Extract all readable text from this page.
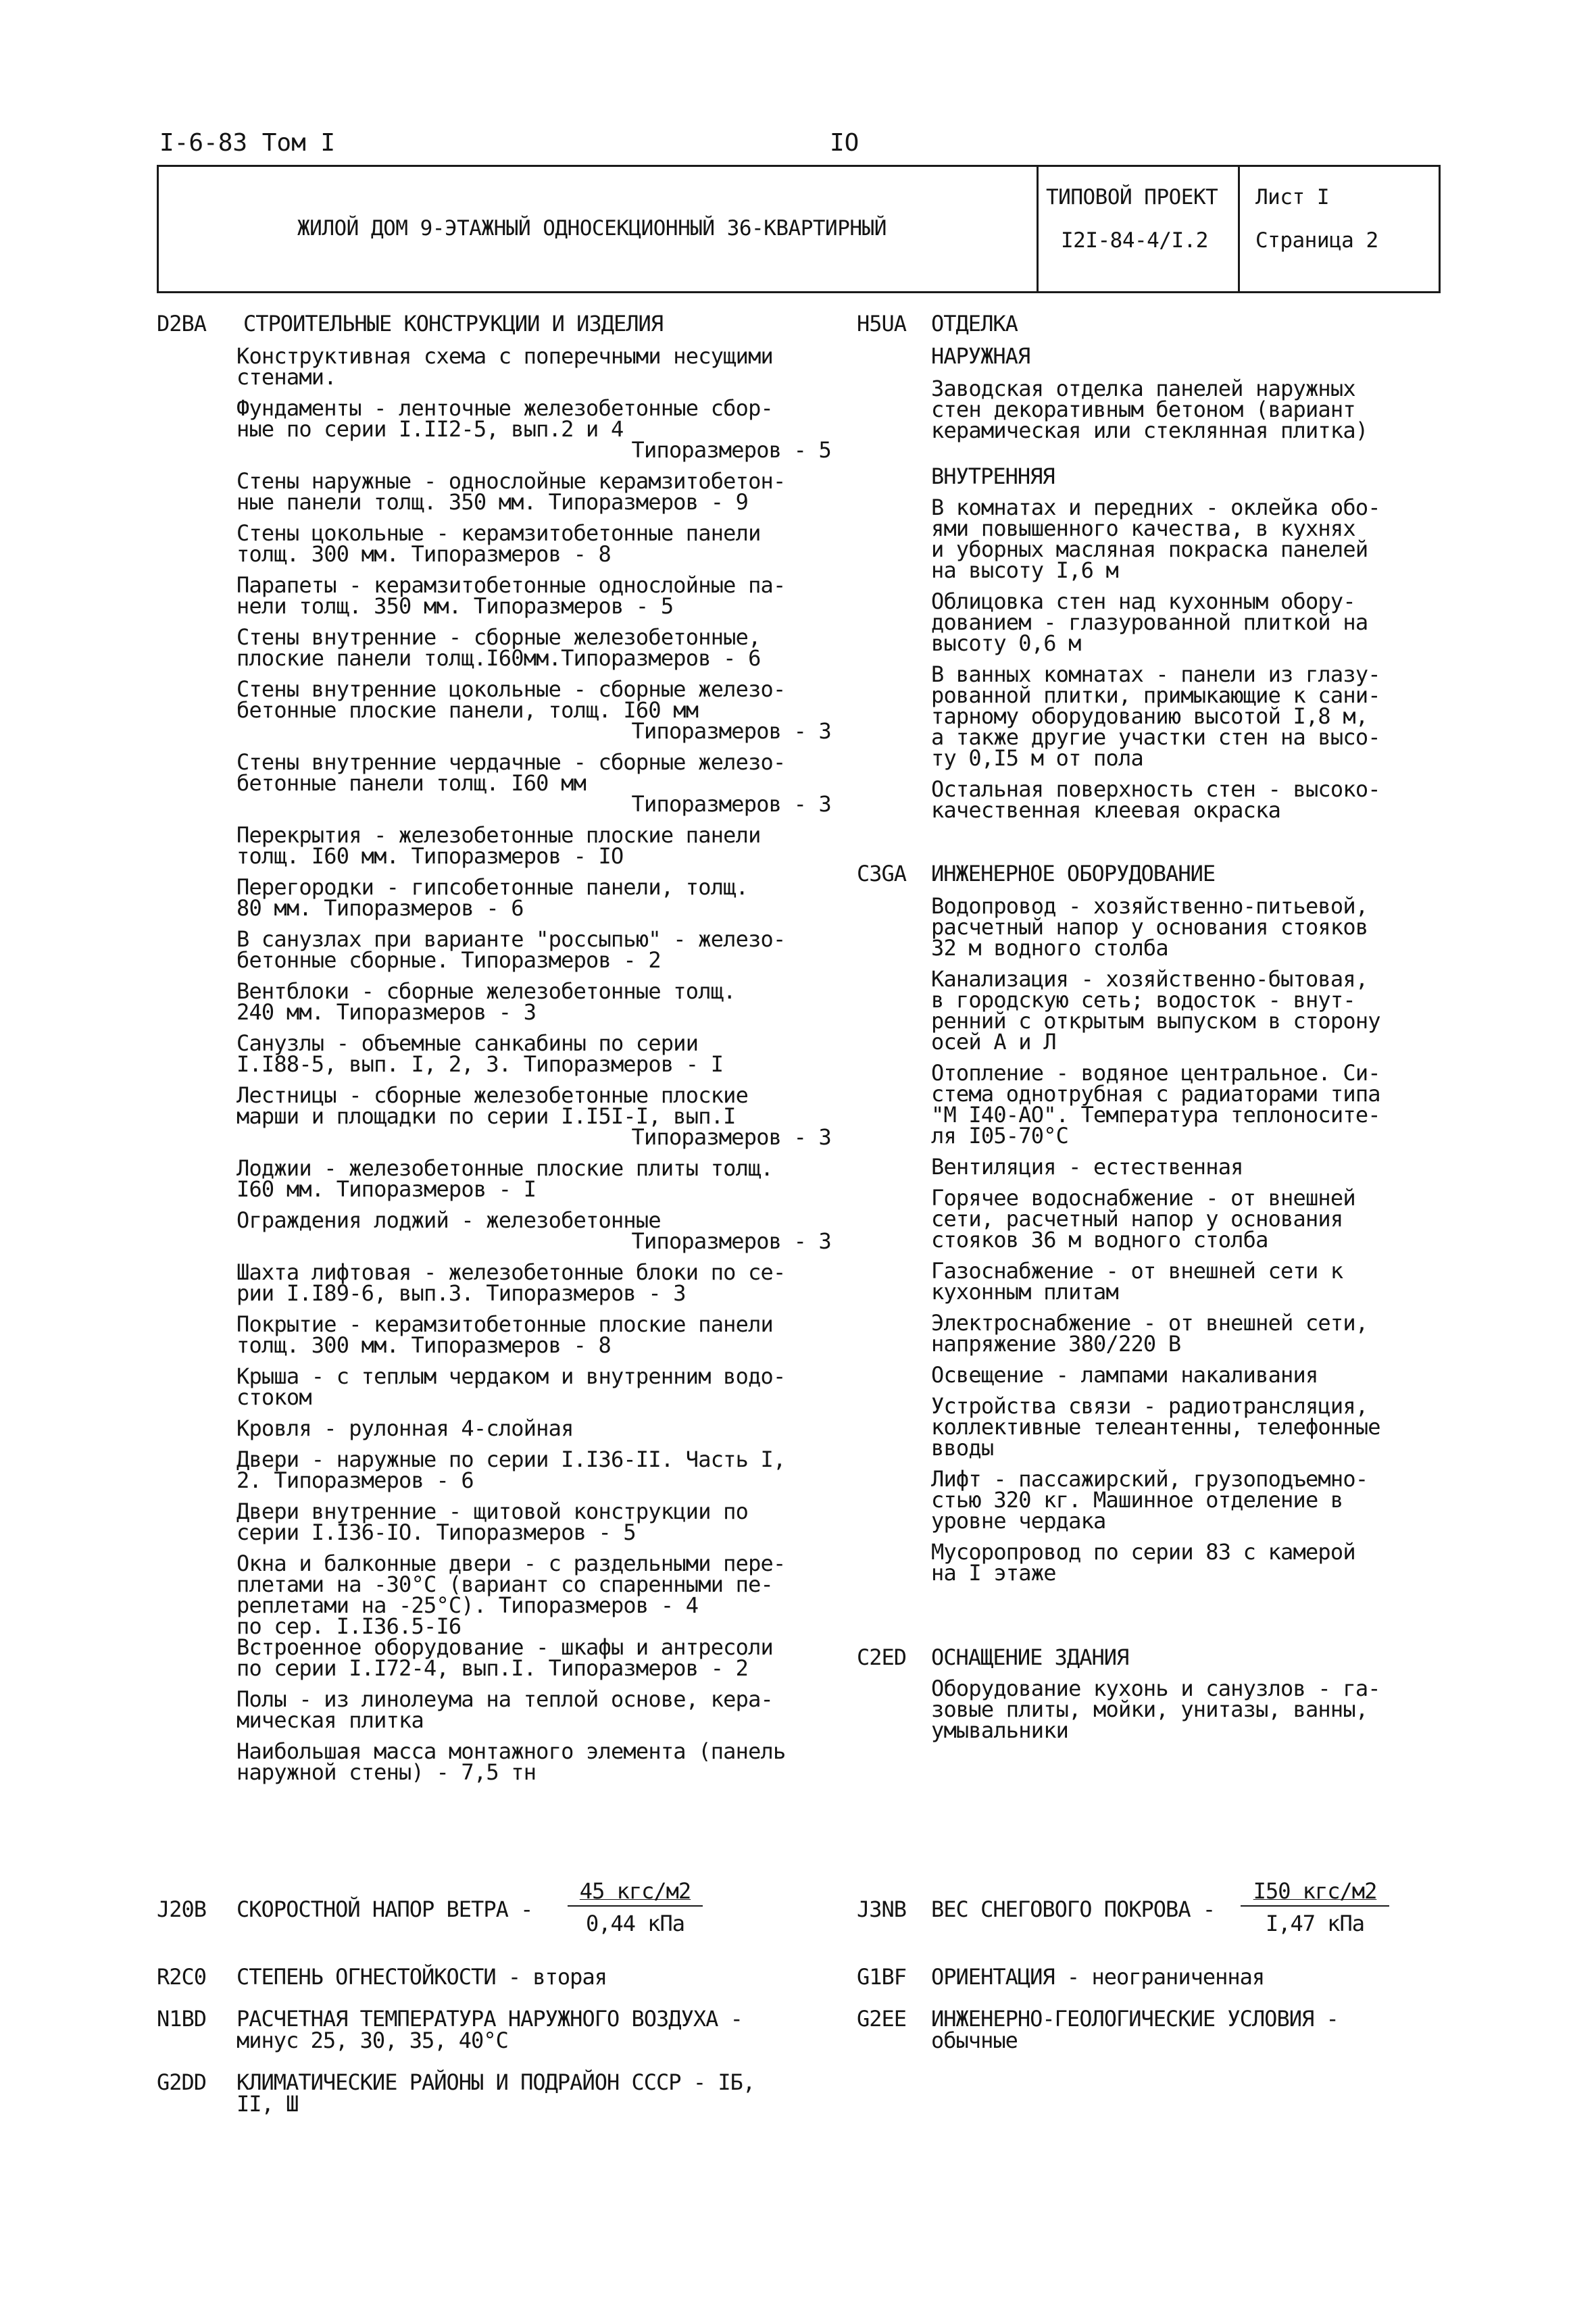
I-6-83 Том I	IO
ЖИЛОЙ ДОМ 9-ЭТАЖНЫЙ ОДНОСЕКЦИОННЫЙ 36-КВАРТИРНЫЙ
ТИПОВОЙ ПРОЕКТ
I2I-84-4/I.2
Лист I
Страница 2
D2BA СТРОИТЕЛЬНЫЕ КОНСТРУКЦИИ И ИЗДЕЛИЯ
Конструктивная схема с поперечными несущими
стенами.
Фундаменты - ленточные железобетонные сбор-
ные по серии I.II2-5, вып.2 и 4
Типоразмеров - 5
Стены наружные - однослойные керамзитобетон-
ные панели толщ. 350 мм. Типоразмеров - 9
Стены цокольные - керамзитобетонные панели
толщ. 300 мм. Типоразмеров - 8
Парапеты - керамзитобетонные однослойные па-
нели толщ. 350 мм. Типоразмеров - 5
Стены внутренние - сборные железобетонные,
плоские панели толщ.I60мм.Типоразмеров - 6
Стены внутренние цокольные - сборные железо-
бетонные плоские панели, толщ. I60 мм
Типоразмеров - 3
Стены внутренние чердачные - сборные железо-
бетонные панели толщ. I60 мм
Типоразмеров - 3
Перекрытия - железобетонные плоские панели
толщ. I60 мм. Типоразмеров - IO
Перегородки - гипсобетонные панели, толщ.
80 мм. Типоразмеров - 6
В санузлах при варианте "россыпью" - железо-
бетонные сборные. Типоразмеров - 2
Вентблоки - сборные железобетонные толщ.
240 мм. Типоразмеров - 3
Санузлы - объемные санкабины по серии
I.I88-5, вып. I, 2, 3. Типоразмеров - I
Лестницы - сборные железобетонные плоские
марши и площадки по серии I.I5I-I, вып.I
Типоразмеров - 3
Лоджии - железобетонные плоские плиты толщ.
I60 мм. Типоразмеров - I
Ограждения лоджий - железобетонные
Типоразмеров - 3
Шахта лифтовая - железобетонные блоки по се-
рии I.I89-6, вып.3. Типоразмеров - 3
Покрытие - керамзитобетонные плоские панели
толщ. 300 мм. Типоразмеров - 8
Крыша - с теплым чердаком и внутренним водо-
стоком
Кровля - рулонная 4-слойная
Двери - наружные по серии I.I36-II. Часть I,
2. Типоразмеров - 6
Двери внутренние - щитовой конструкции по
серии I.I36-IO. Типоразмеров - 5
Окна и балконные двери - с раздельными пере-
плетами на -30°С (вариант со спаренными пе-
реплетами на -25°С). Типоразмеров - 4
по сер. I.I36.5-I6
Встроенное оборудование - шкафы и антресоли
по серии I.I72-4, вып.I. Типоразмеров - 2
Полы - из линолеума на теплой основе, кера-
мическая плитка
Наибольшая масса монтажного элемента (панель
наружной стены) - 7,5 тн
H5UA ОТДЕЛКА
НАРУЖНАЯ
Заводская отделка панелей наружных
стен декоративным бетоном (вариант
керамическая или стеклянная плитка)
ВНУТРЕННЯЯ
В комнатах и передних - оклейка обо-
ями повышенного качества, в кухнях
и уборных масляная покраска панелей
на высоту I,6 м
Облицовка стен над кухонным обору-
дованием - глазурованной плиткой на
высоту 0,6 м
В ванных комнатах - панели из глазу-
рованной плитки, примыкающие к сани-
тарному оборудованию высотой I,8 м,
а также другие участки стен на высо-
ту 0,I5 м от пола
Остальная поверхность стен - высоко-
качественная клеевая окраска
C3GA ИНЖЕНЕРНОЕ ОБОРУДОВАНИЕ
Водопровод - хозяйственно-питьевой,
расчетный напор у основания стояков
32 м водного столба
Канализация - хозяйственно-бытовая,
в городскую сеть; водосток - внут-
ренний с открытым выпуском в сторону
осей А и Л
Отопление - водяное центральное. Си-
стема однотрубная с радиаторами типа
"М I40-АО". Температура теплоносите-
ля I05-70°С
Вентиляция - естественная
Горячее водоснабжение - от внешней
сети, расчетный напор у основания
стояков 36 м водного столба
Газоснабжение - от внешней сети к
кухонным плитам
Электроснабжение - от внешней сети,
напряжение 380/220 В
Освещение - лампами накаливания
Устройства связи - радиотрансляция,
коллективные телеантенны, телефонные
вводы
Лифт - пассажирский, грузоподъемно-
стью 320 кг. Машинное отделение в
уровне чердака
Мусоропровод по серии 83 с камерой
на I этаже
C2ED ОСНАЩЕНИЕ ЗДАНИЯ
Оборудование кухонь и санузлов - га-
зовые плиты, мойки, унитазы, ванны,
умывальники
J20B СКОРОСТНОЙ НАПОР ВЕТРА -
45 кгс/м2
0,44 кПа
J3NB ВЕС СНЕГОВОГО ПОКРОВА -
I50 кгс/м2
I,47 кПа
R2C0 СТЕПЕНЬ ОГНЕСТОЙКОСТИ - вторая	G1BF ОРИЕНТАЦИЯ - неограниченная
N1BD РАСЧЕТНАЯ ТЕМПЕРАТУРА НАРУЖНОГО ВОЗДУХА -
минус 25, 30, 35, 40°С
G2EE ИНЖЕНЕРНО-ГЕОЛОГИЧЕСКИЕ УСЛОВИЯ -
обычные
G2DD КЛИМАТИЧЕСКИЕ РАЙОНЫ И ПОДРАЙОН СССР - IБ,
II, Ш
